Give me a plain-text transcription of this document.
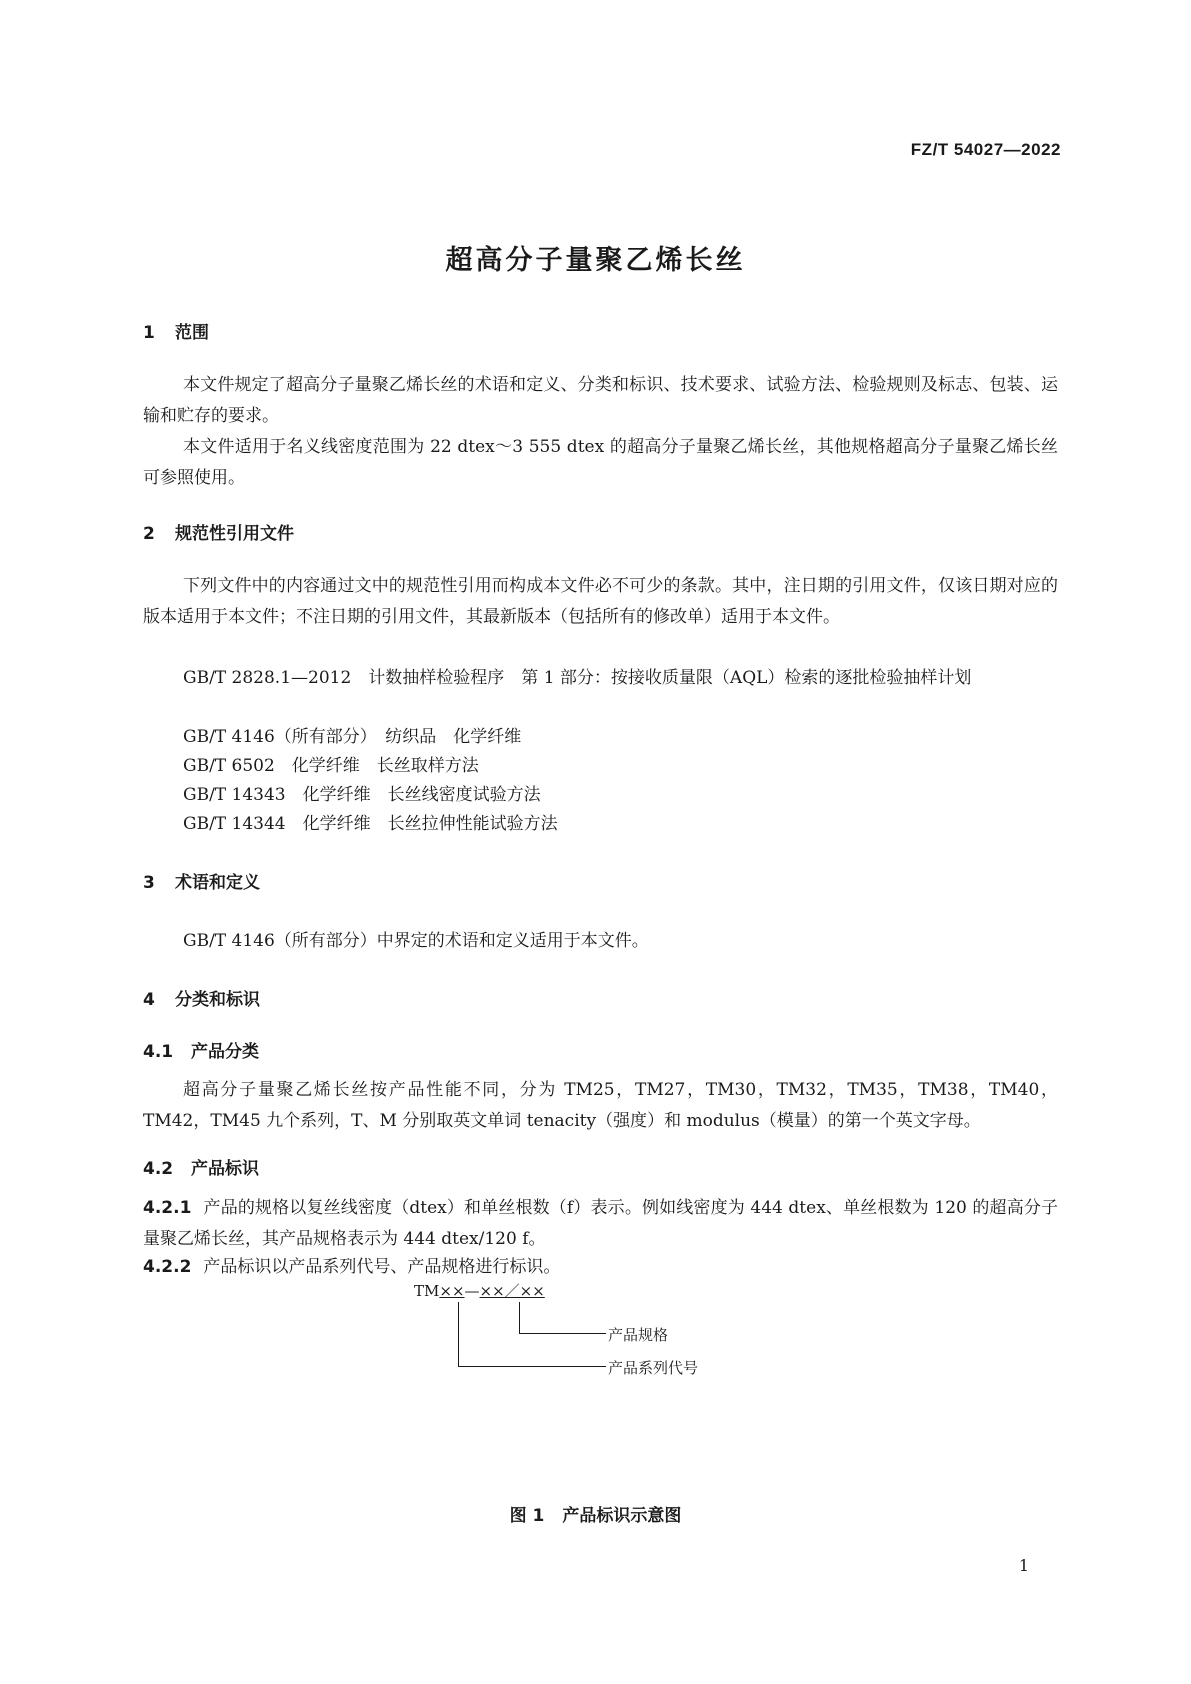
FZ/T 54027—2022
超高分子量聚乙烯长丝
1 范围
本文件规定了超高分子量聚乙烯长丝的术语和定义、分类和标识、技术要求、试验方法、检验规则及标志、包装、运输和贮存的要求。
本文件适用于名义线密度范围为 22 dtex～3 555 dtex 的超高分子量聚乙烯长丝，其他规格超高分子量聚乙烯长丝可参照使用。
2 规范性引用文件
下列文件中的内容通过文中的规范性引用而构成本文件必不可少的条款。其中，注日期的引用文件，仅该日期对应的版本适用于本文件；不注日期的引用文件，其最新版本（包括所有的修改单）适用于本文件。
GB/T 2828.1—2012　计数抽样检验程序　第 1 部分：按接收质量限（AQL）检索的逐批检验抽样计划
GB/T 4146（所有部分）　纺织品　化学纤维
GB/T 6502　化学纤维　长丝取样方法
GB/T 14343　化学纤维　长丝线密度试验方法
GB/T 14344　化学纤维　长丝拉伸性能试验方法
3 术语和定义
GB/T 4146（所有部分）中界定的术语和定义适用于本文件。
4 分类和标识
4.1 产品分类
超高分子量聚乙烯长丝按产品性能不同，分为 TM25，TM27，TM30，TM32，TM35，TM38，TM40，TM42，TM45 九个系列，T、M 分别取英文单词 tenacity（强度）和 modulus（模量）的第一个英文字母。
4.2 产品标识
4.2.1 产品的规格以复丝线密度（dtex）和单丝根数（f）表示。例如线密度为 444 dtex、单丝根数为 120 的超高分子量聚乙烯长丝，其产品规格表示为 444 dtex/120 f。
4.2.2 产品标识以产品系列代号、产品规格进行标识。
TM××—××／××
产品规格
产品系列代号
图 1 产品标识示意图
1
